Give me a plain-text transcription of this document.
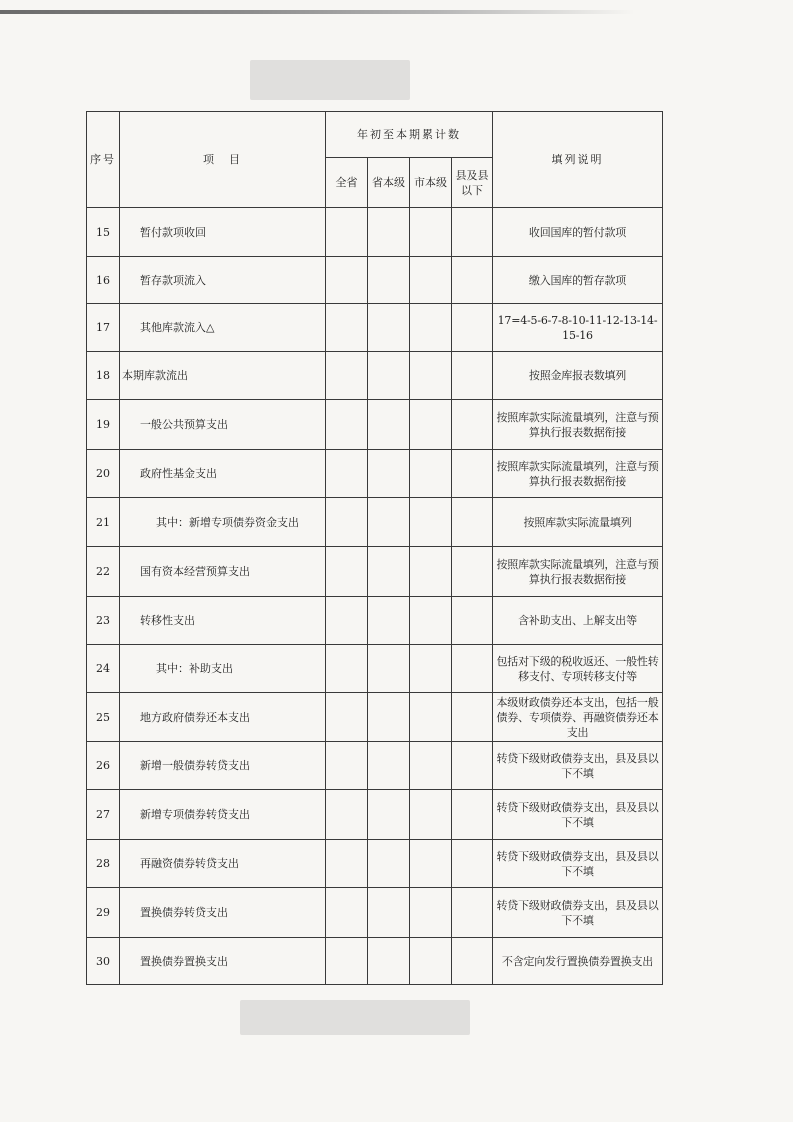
序号	项　目	年初至本期累计数				填列说明
		全省	省本级	市本级	县及县以下	
15	暂付款项收回					收回国库的暂付款项
16	暂存款项流入					缴入国库的暂存款项
17	其他库款流入△					17=4-5-6-7-8-10-11-12-13-14-15-16
18	本期库款流出					按照金库报表数填列
19	一般公共预算支出					按照库款实际流量填列，注意与预算执行报表数据衔接
20	政府性基金支出					按照库款实际流量填列，注意与预算执行报表数据衔接
21	其中：新增专项债券资金支出					按照库款实际流量填列
22	国有资本经营预算支出					按照库款实际流量填列，注意与预算执行报表数据衔接
23	转移性支出					含补助支出、上解支出等
24	其中：补助支出					包括对下级的税收返还、一般性转移支付、专项转移支付等
25	地方政府债券还本支出					本级财政债券还本支出，包括一般债券、专项债券、再融资债券还本支出
26	新增一般债券转贷支出					转贷下级财政债券支出，县及县以下不填
27	新增专项债券转贷支出					转贷下级财政债券支出，县及县以下不填
28	再融资债券转贷支出					转贷下级财政债券支出，县及县以下不填
29	置换债券转贷支出					转贷下级财政债券支出，县及县以下不填
30	置换债券置换支出					不含定向发行置换债券置换支出
